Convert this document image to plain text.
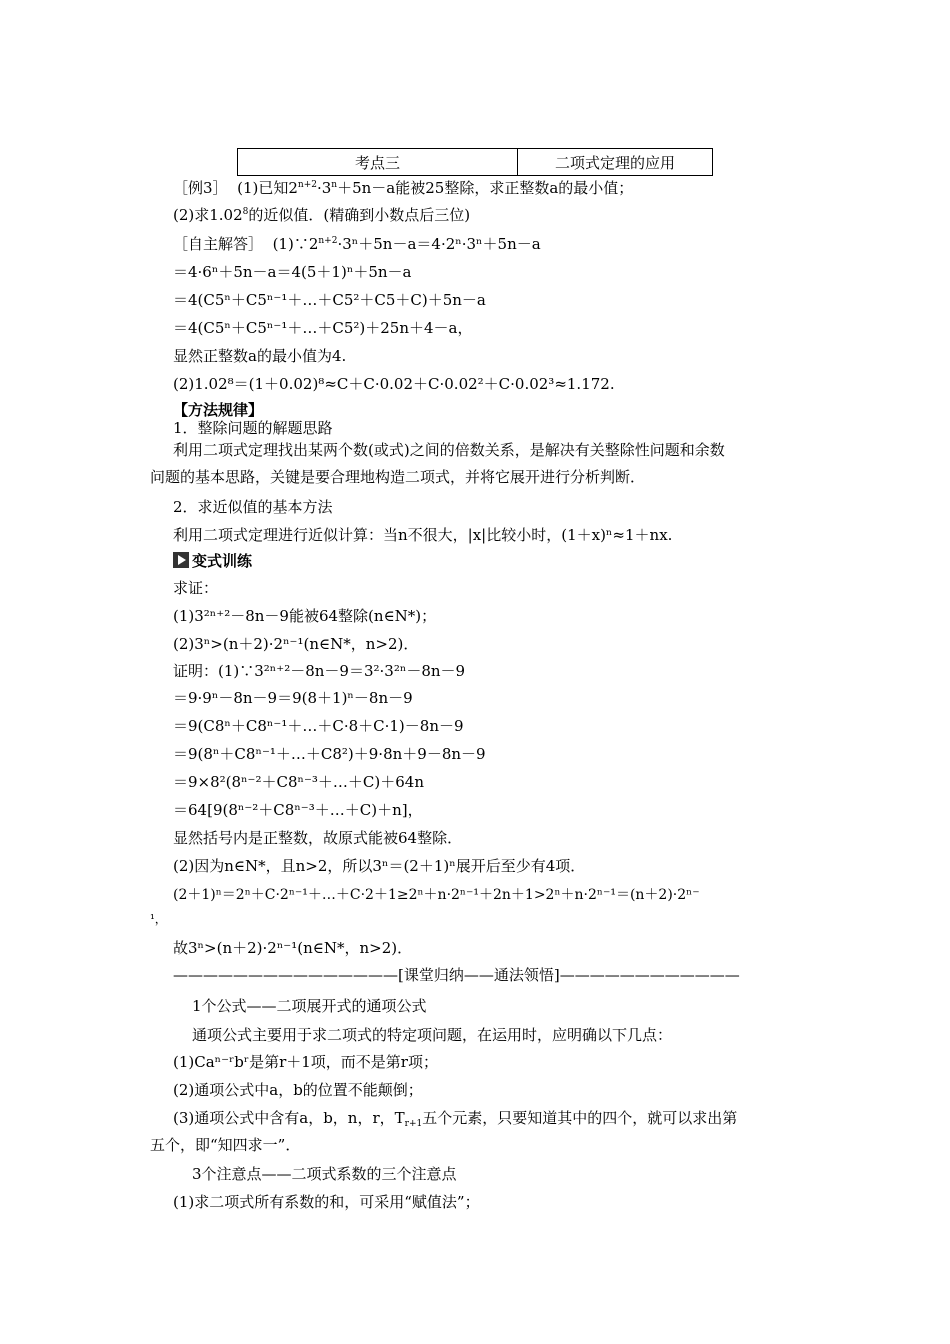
考点三	二项式定理的应用
［例3］ (1)已知$2^{n+2}\cdot 3^n+5n-a$能被25整除，求正整数a的最小值；
(2)求1.02$^8$的近似值．(精确到小数点后三位)
［自主解答］ $(1)\because 2^{n+2}\cdot 3^n+5n-a=4\cdot 2^n\cdot 3^n+5n-a$
＝4·6ⁿ＋5n－a＝4(5＋1)ⁿ＋5n－a
＝4(C5ⁿ＋C5ⁿ⁻¹＋…＋C5²＋C5＋C)＋5n－a
＝4(C5ⁿ＋C5ⁿ⁻¹＋…＋C5²)＋25n＋4－a，
显然正整数a的最小值为4.
(2)1.02⁸＝(1＋0.02)⁸≈C＋C·0.02＋C·0.02²＋C·0.02³≈1.172.
【方法规律】
1．整除问题的解题思路
利用二项式定理找出某两个数(或式)之间的倍数关系，是解决有关整除性问题和余数
问题的基本思路，关键是要合理地构造二项式，并将它展开进行分析判断．
2．求近似值的基本方法
利用二项式定理进行近似计算：当n不很大，|x|比较小时，(1＋x)ⁿ≈1＋nx.
变式训练
求证：
(1)3²ⁿ⁺²－8n－9能被64整除(n∈N*)；
(2)3ⁿ>(n＋2)·2ⁿ⁻¹(n∈N*，n>2)．
证明：(1)∵3²ⁿ⁺²－8n－9＝3²·3²ⁿ－8n－9
＝9·9ⁿ－8n－9＝9(8＋1)ⁿ－8n－9
＝9(C8ⁿ＋C8ⁿ⁻¹＋…＋C·8＋C·1)－8n－9
＝9(8ⁿ＋C8ⁿ⁻¹＋…＋C8²)＋9·8n＋9－8n－9
＝9×8²(8ⁿ⁻²＋C8ⁿ⁻³＋…＋C)＋64n
＝64[9(8ⁿ⁻²＋C8ⁿ⁻³＋…＋C)＋n]，
显然括号内是正整数，故原式能被64整除．
(2)因为n∈N*，且n>2，所以3ⁿ＝(2＋1)ⁿ展开后至少有4项．
(2＋1)ⁿ＝2ⁿ＋C·2ⁿ⁻¹＋…＋C·2＋1≥2ⁿ＋n·2ⁿ⁻¹＋2n＋1>2ⁿ＋n·2ⁿ⁻¹＝(n＋2)·2ⁿ⁻
¹，
故3ⁿ>(n＋2)·2ⁿ⁻¹(n∈N*，n>2)．
———————————————[课堂归纳——通法领悟]————————————
1个公式——二项展开式的通项公式
通项公式主要用于求二项式的特定项问题，在运用时，应明确以下几点：
(1)Caⁿ⁻ʳbʳ是第r＋1项，而不是第r项；
(2)通项公式中a，b的位置不能颠倒；
(3)通项公式中含有a，b，n，r，$T_{r+1}$五个元素，只要知道其中的四个，就可以求出第
五个，即“知四求一”．
3个注意点——二项式系数的三个注意点
(1)求二项式所有系数的和，可采用“赋值法”；
